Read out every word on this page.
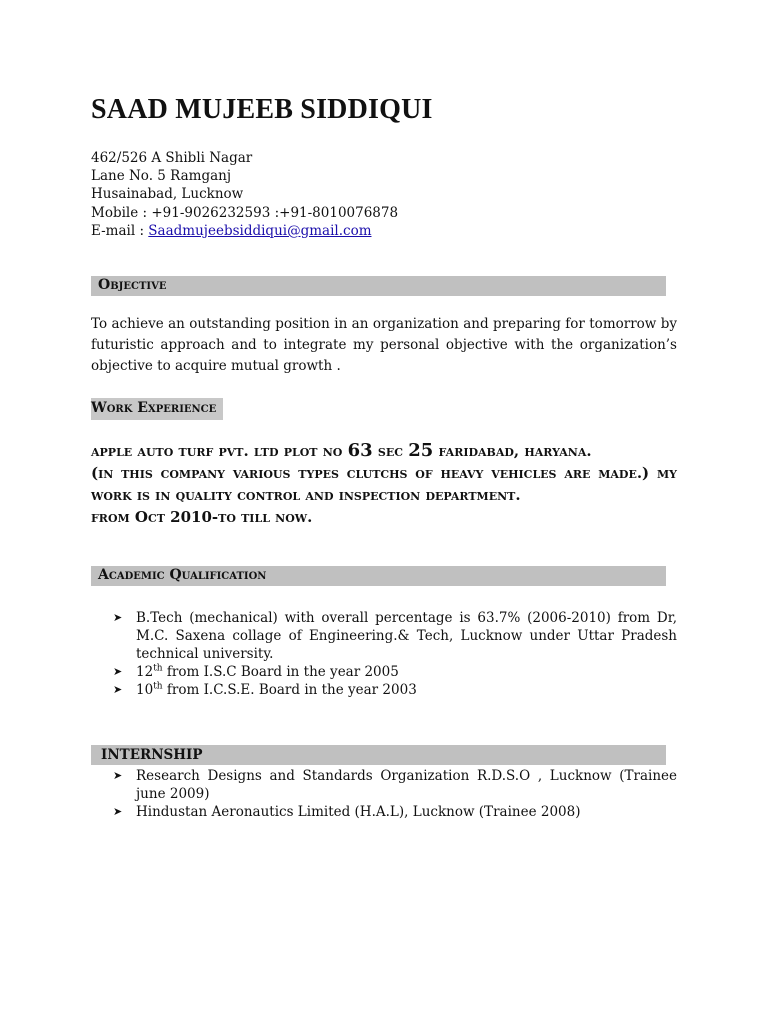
SAAD MUJEEB SIDDIQUI
462/526 A Shibli Nagar
Lane No. 5 Ramganj
Husainabad, Lucknow
Mobile : +91-9026232593 :+91-8010076878
E-mail : Saadmujeebsiddiqui@gmail.com
Objective
To achieve an outstanding position in an organization and preparing for tomorrow by futuristic approach and to integrate my personal objective with the organization’s objective to acquire mutual growth .
Work Experience
apple auto turf pvt. ltd plot no 63 sec 25 faridabad, haryana.
(in this company various types clutchs of heavy vehicles are made.) my
work is in quality control and inspection department.
from Oct 2010-to till now.
Academic Qualification
➤ B.Tech (mechanical) with overall percentage is 63.7% (2006-2010) from Dr, M.C. Saxena collage of Engineering.& Tech, Lucknow under Uttar Pradesh technical university.
➤ 12th from I.S.C Board in the year 2005
➤ 10th from I.C.S.E. Board in the year 2003
INTERNSHIP
➤ Research Designs and Standards Organization R.D.S.O , Lucknow (Trainee june 2009)
➤ Hindustan Aeronautics Limited (H.A.L), Lucknow (Trainee 2008)
